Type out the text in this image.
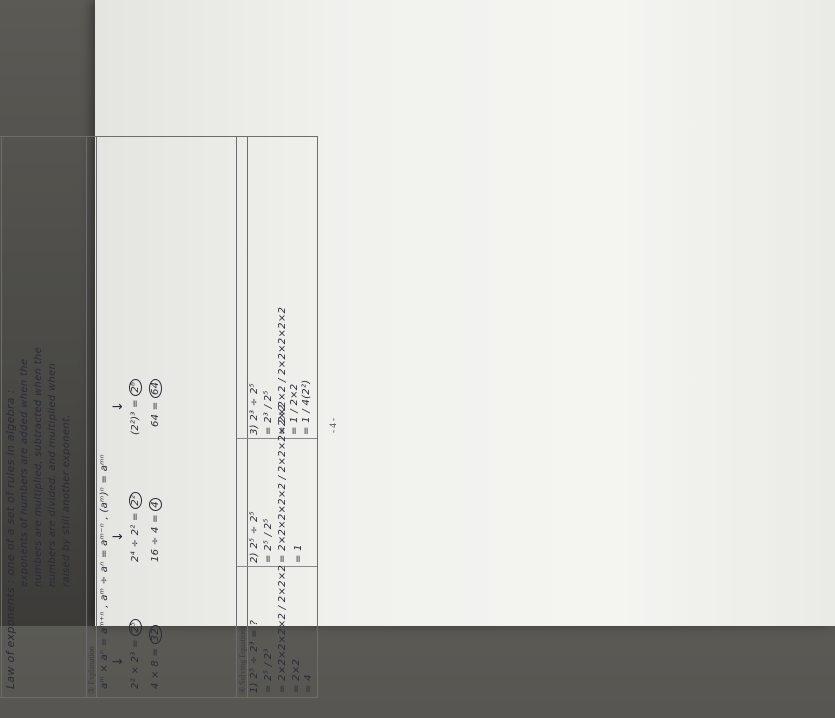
Law of exponents : one of a set of rules in algebra : exponents of numbers are added when the numbers are multiplied, subtracted when the numbers are divided, and multiplied when raised by still another exponent.
③ Explanation aᵐ × aⁿ = aᵐ⁺ⁿ , aᵐ ÷ aⁿ = aᵐ⁻ⁿ , (aᵐ)ⁿ = aᵐⁿ ↓
↓
↓
2² × 2³ = 2⁵
4 × 8 = 32
2⁴ ÷ 2² = 2²
16 ÷ 4 = 4
(2²)³ = 2⁶
64 = 64
④ Solving Equations 1) 2⁵ ÷ 2³ = ? = 2⁵ / 2³ = 2×2×2×2×2 / 2×2×2 = 2×2 = 4
2) 2⁵ ÷ 2⁵ = 2⁵ / 2⁵ = 2×2×2×2×2 / 2×2×2×2×2 = 1
3) 2³ ÷ 2⁵ = 2³ / 2⁵ = 2×2×2 / 2×2×2×2×2 = 1 / 2×2 = 1 / 4(2²) - 4 -
